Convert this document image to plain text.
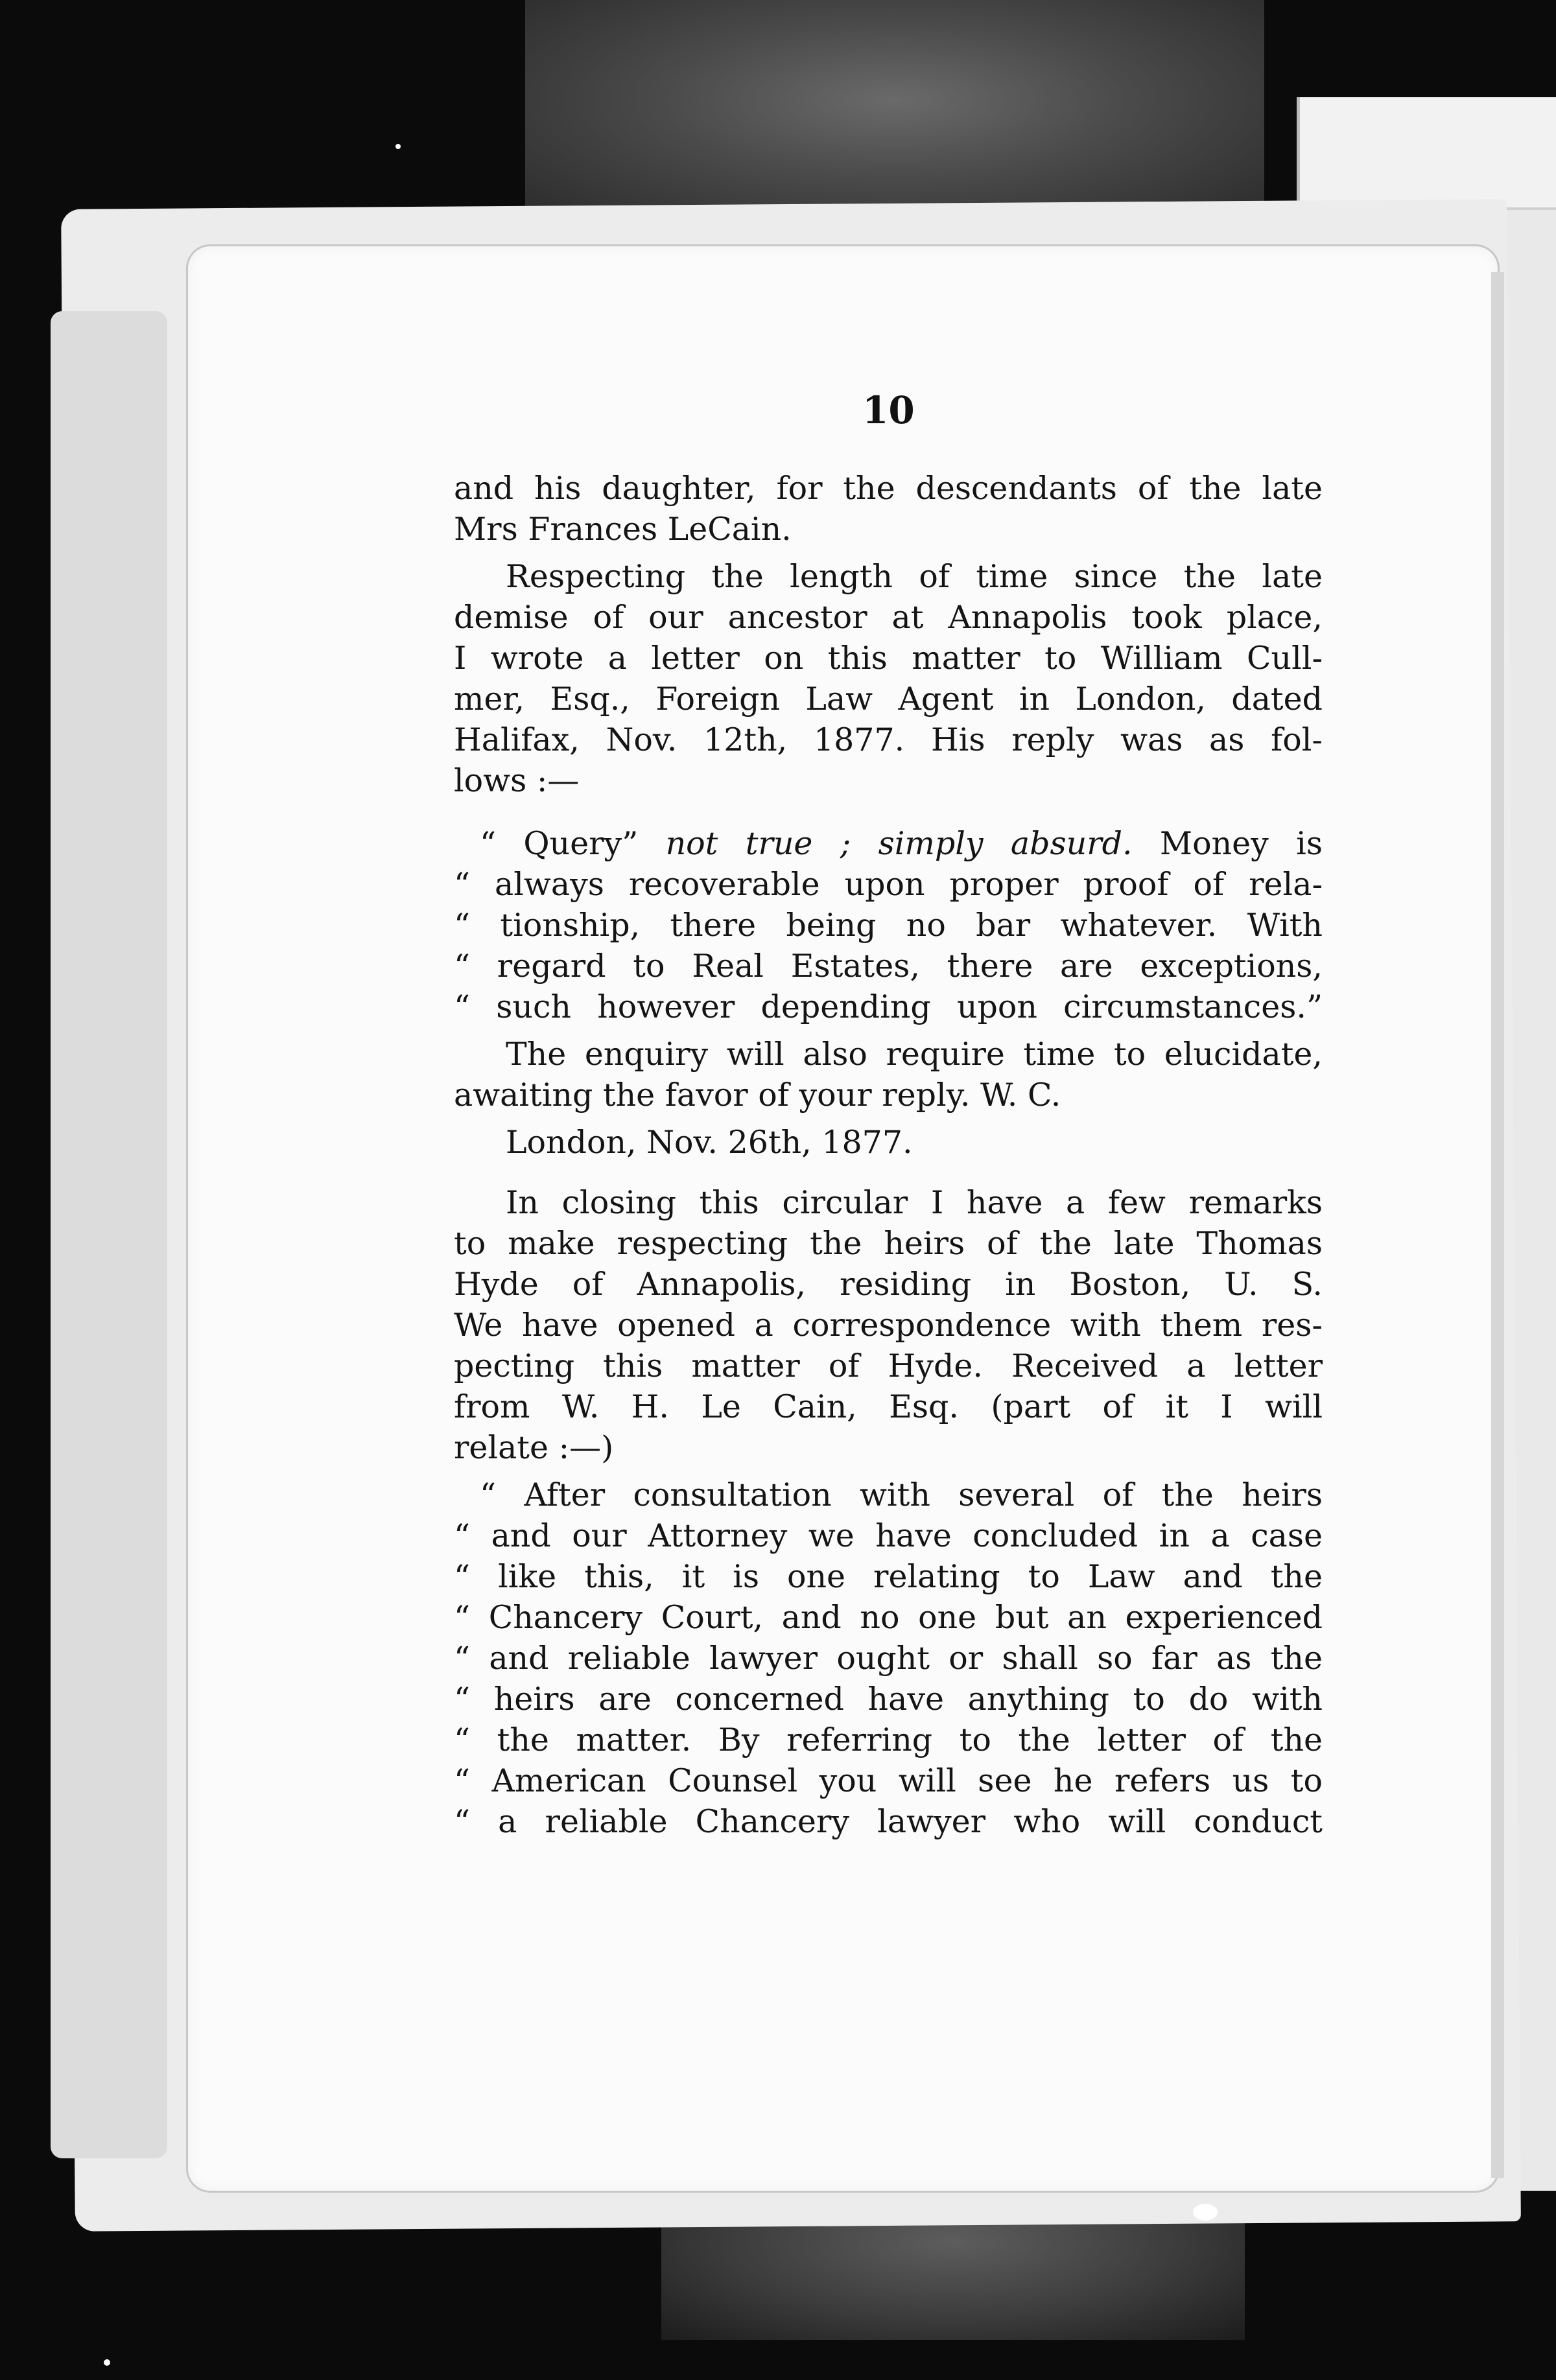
10

and his daughter, for the descendants of the late
Mrs Frances LeCain.

Respecting the length of time since the late
demise of our ancestor at Annapolis took place,
I wrote a letter on this matter to William Cull-
mer, Esq., Foreign Law Agent in London, dated
Halifax, Nov. 12th, 1877. His reply was as fol-
lows :—

“ Query” not true ; simply absurd. Money is
“ always recoverable upon proper proof of rela-
“ tionship, there being no bar whatever. With
“ regard to Real Estates, there are exceptions,
“ such however depending upon circumstances.”

The enquiry will also require time to elucidate,
awaiting the favor of your reply. W. C.

London, Nov. 26th, 1877.

In closing this circular I have a few remarks
to make respecting the heirs of the late Thomas
Hyde of Annapolis, residing in Boston, U. S.
We have opened a correspondence with them res-
pecting this matter of Hyde. Received a letter
from W. H. Le Cain, Esq. (part of it I will
relate :—)

“ After consultation with several of the heirs
“ and our Attorney we have concluded in a case
“ like this, it is one relating to Law and the
“ Chancery Court, and no one but an experienced
“ and reliable lawyer ought or shall so far as the
“ heirs are concerned have anything to do with
“ the matter. By referring to the letter of the
“ American Counsel you will see he refers us to
“ a reliable Chancery lawyer who will conduct
